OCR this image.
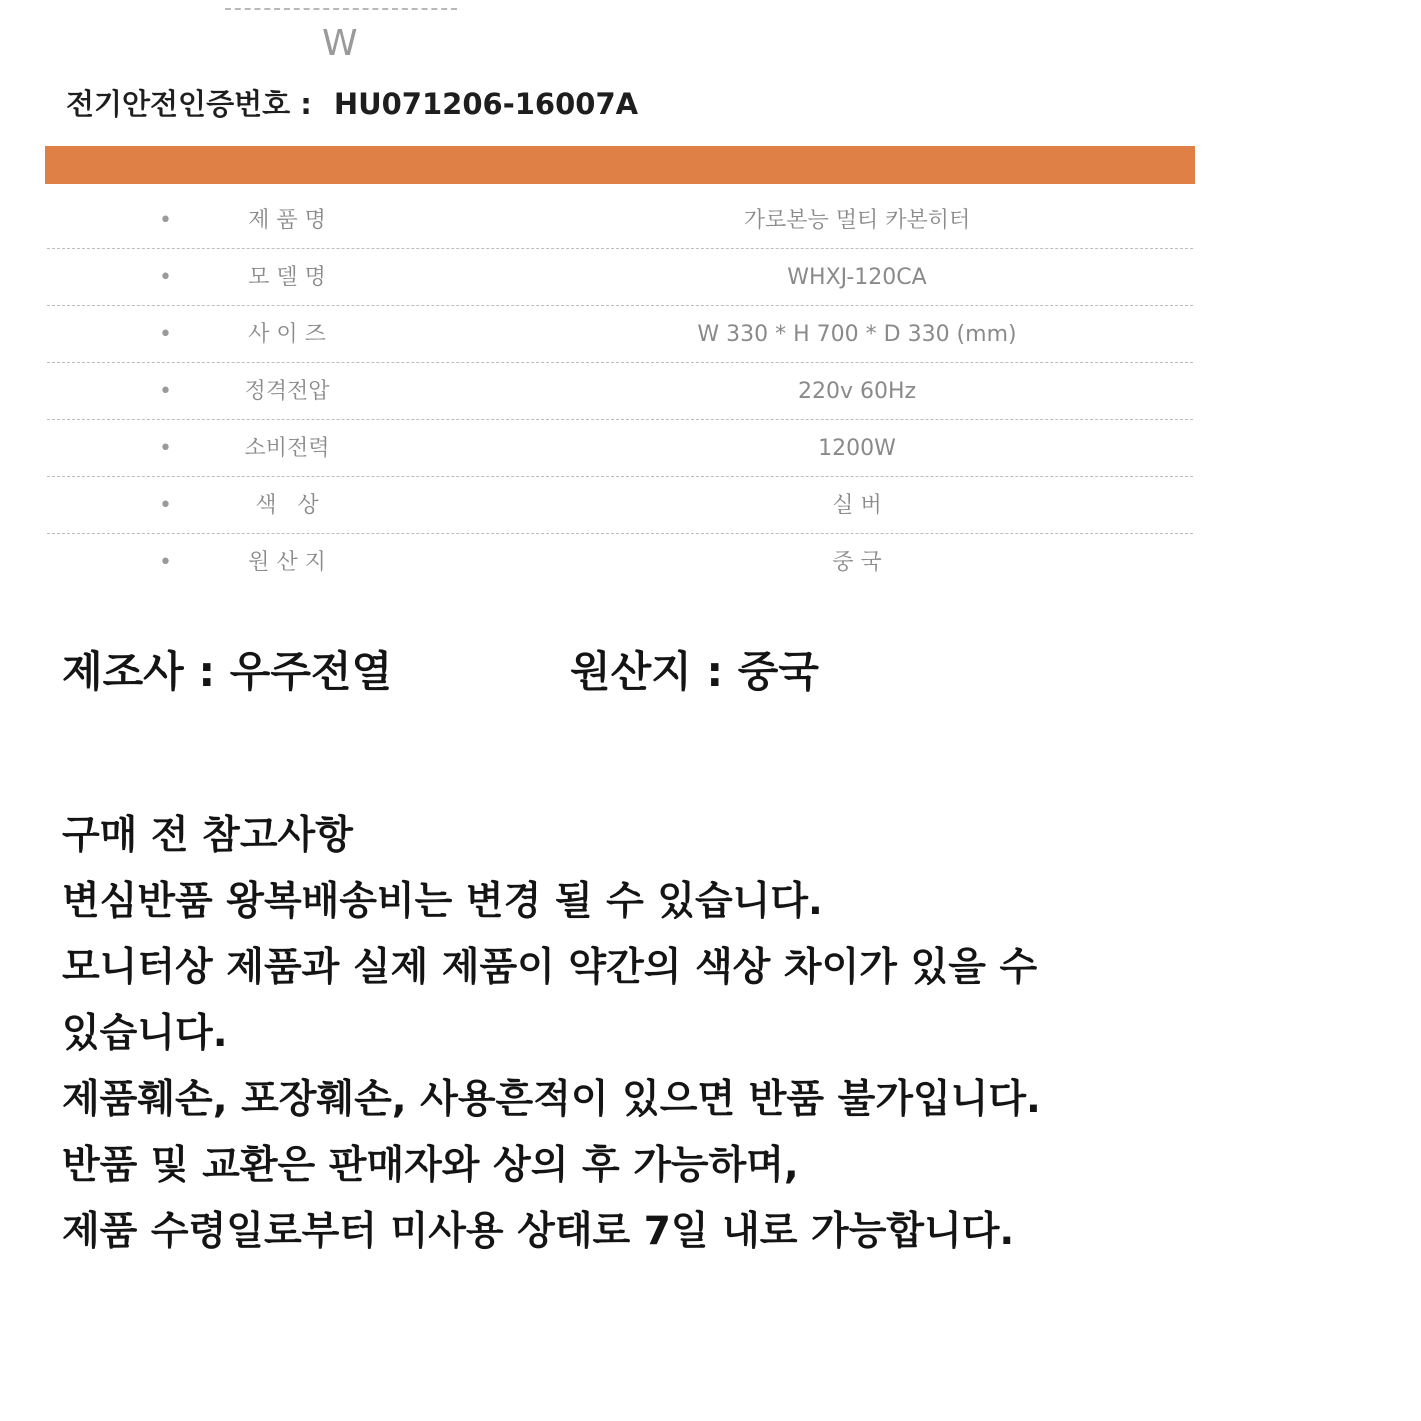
W
전기안전인증번호 : HU071206-16007A
•	제 품 명	가로본능 멀티 카본히터
•	모 델 명	WHXJ-120CA
•	사 이 즈	W 330 * H 700 * D 330 (mm)
•	정격전압	220v 60Hz
•	소비전력	1200W
•	색   상	실 버
•	원 산 지	중 국
제조사 : 우주전열	원산지 : 중국
구매 전 참고사항
변심반품 왕복배송비는 변경 될 수 있습니다.
모니터상 제품과 실제 제품이 약간의 색상 차이가 있을 수
있습니다.
제품훼손, 포장훼손, 사용흔적이 있으면 반품 불가입니다.
반품 및 교환은 판매자와 상의 후 가능하며,
제품 수령일로부터 미사용 상태로 7일 내로 가능합니다.
